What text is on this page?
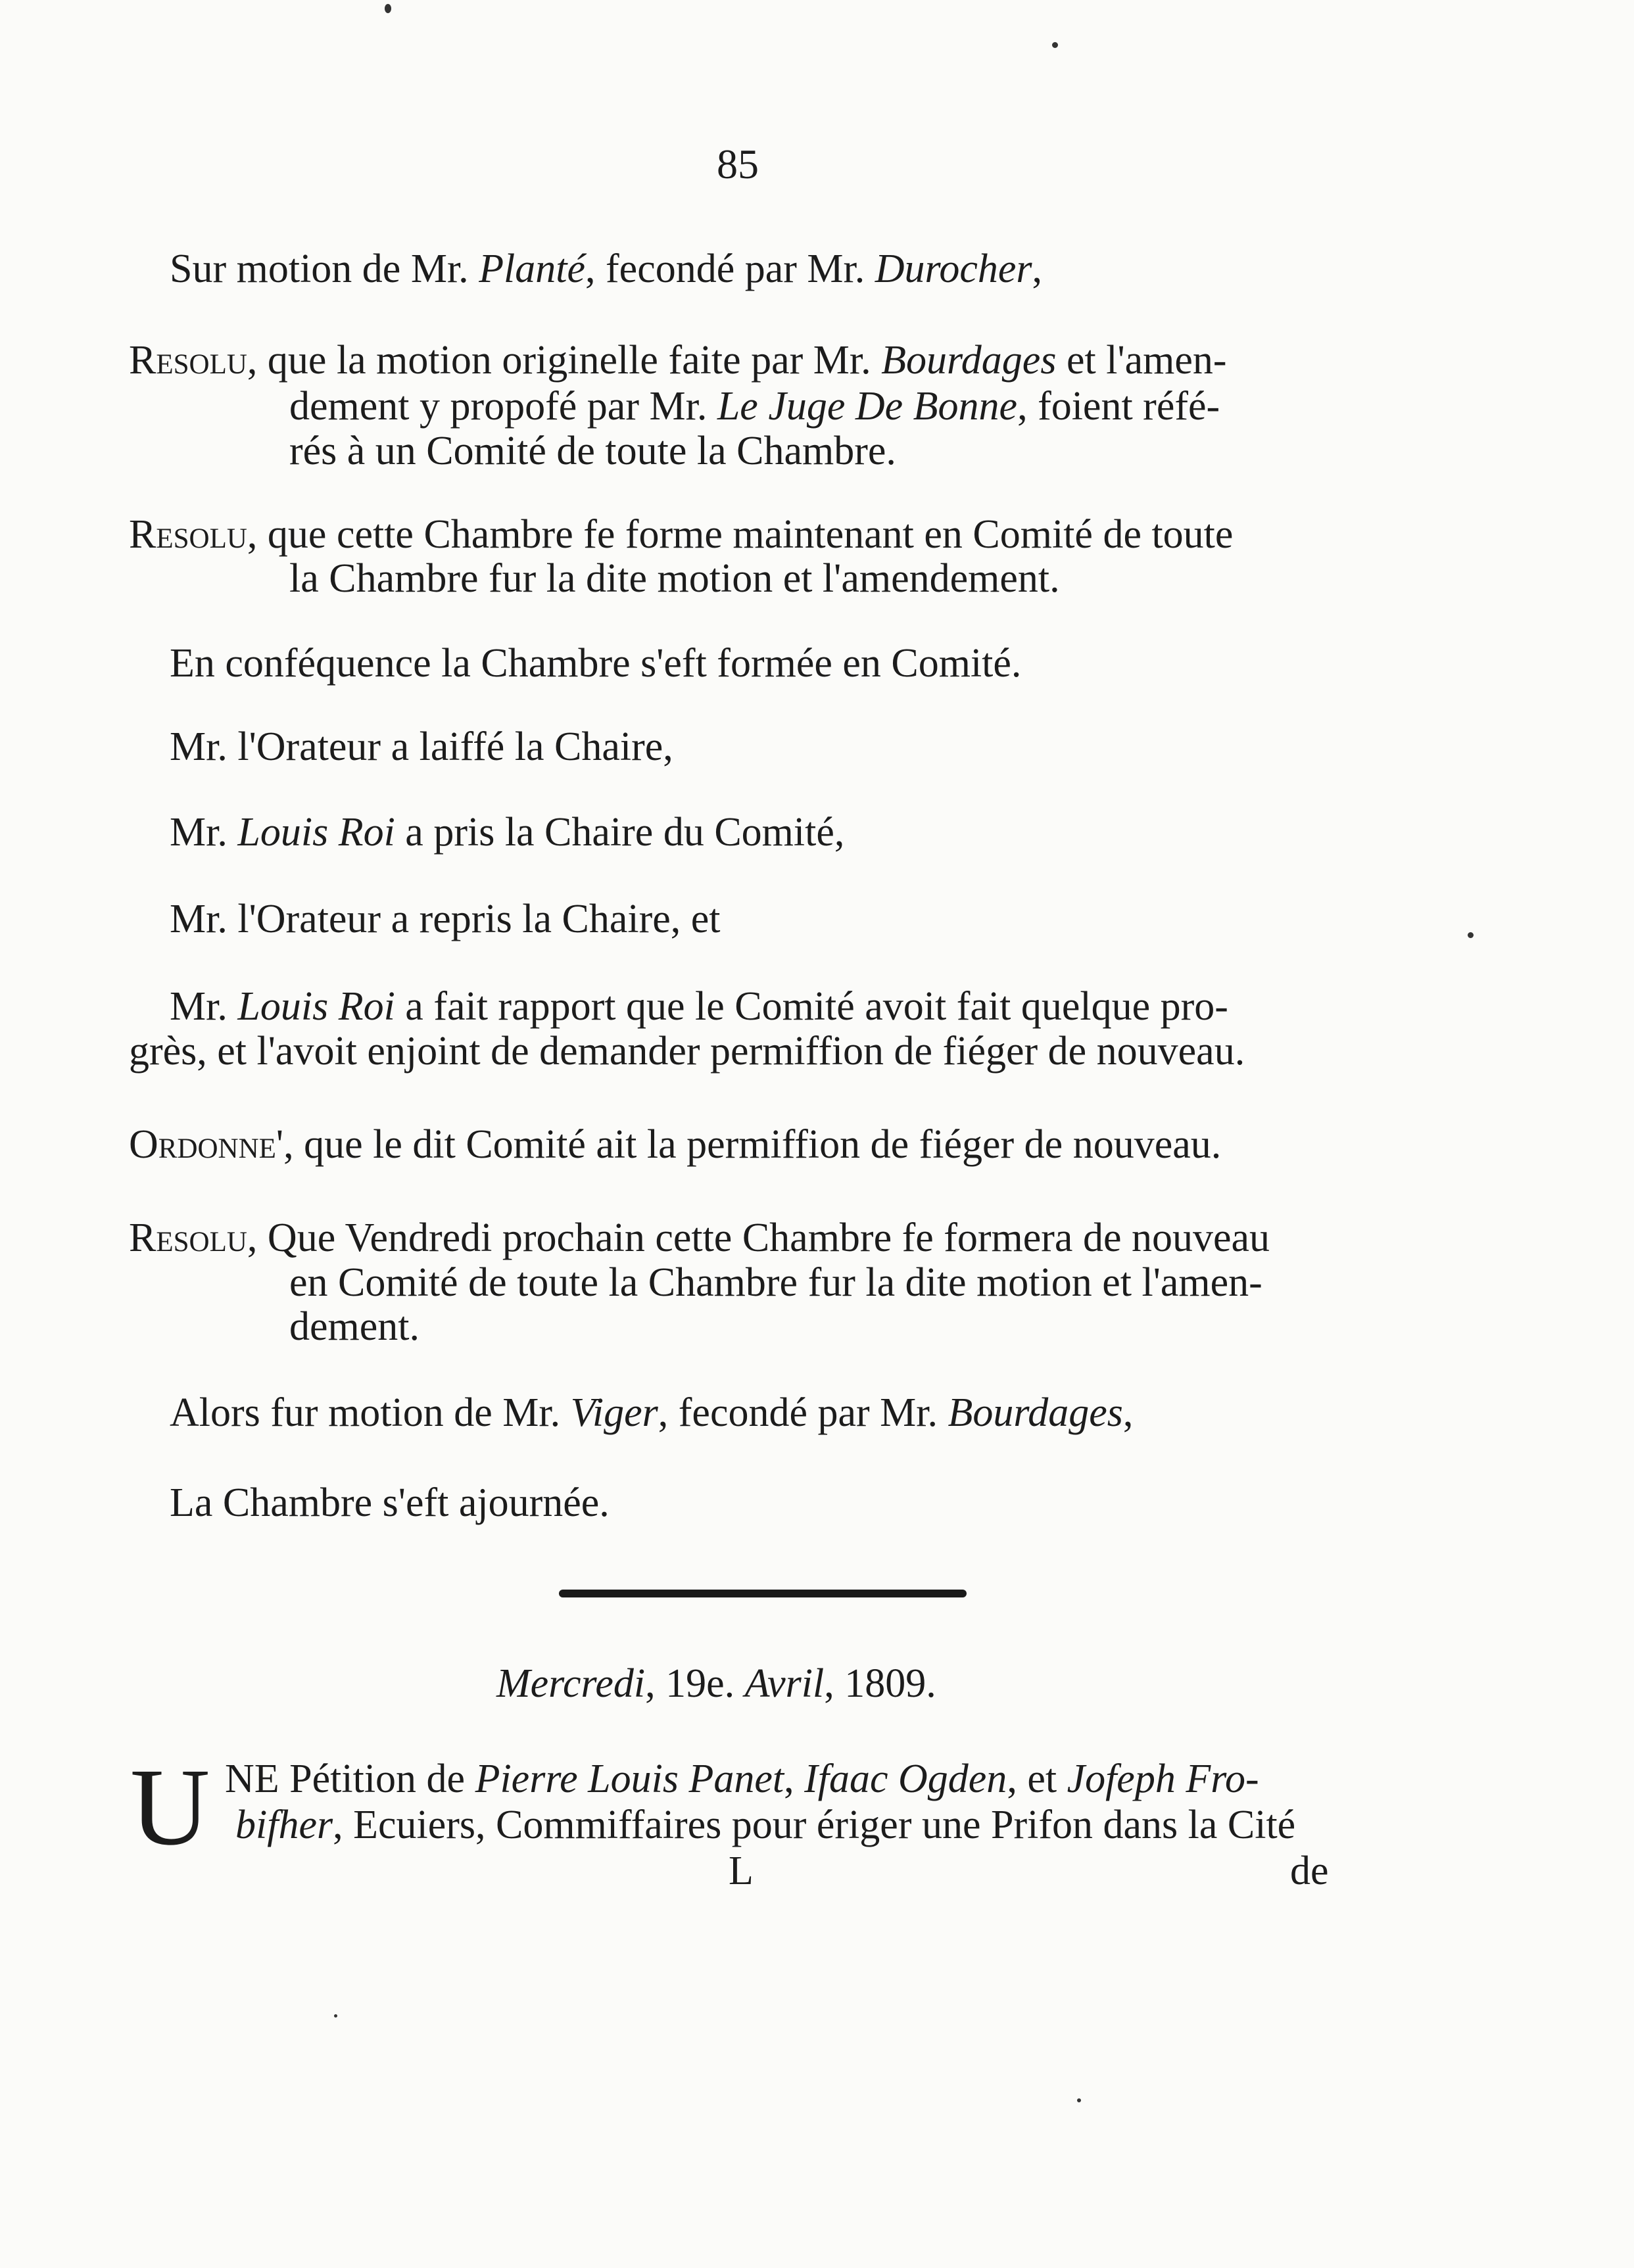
85
Sur motion de Mr. Planté, fecondé par Mr. Durocher,
Resolu, que la motion originelle faite par Mr. Bourdages et l'amen-
dement y propofé par Mr. Le Juge De Bonne, foient réfé-
rés à un Comité de toute la Chambre.
Resolu, que cette Chambre fe forme maintenant en Comité de toute
la Chambre fur la dite motion et l'amendement.
En conféquence la Chambre s'eft formée en Comité.
Mr. l'Orateur a laiffé la Chaire,
Mr. Louis Roi a pris la Chaire du Comité,
Mr. l'Orateur a repris la Chaire, et
Mr. Louis Roi a fait rapport que le Comité avoit fait quelque pro-
grès, et l'avoit enjoint de demander permiffion de fiéger de nouveau.
Ordonne', que le dit Comité ait la permiffion de fiéger de nouveau.
Resolu, Que Vendredi prochain cette Chambre fe formera de nouveau
en Comité de toute la Chambre fur la dite motion et l'amen-
dement.
Alors fur motion de Mr. Viger, fecondé par Mr. Bourdages,
La Chambre s'eft ajournée.
Mercredi, 19e. Avril, 1809.
U NE Pétition de Pierre Louis Panet, Ifaac Ogden, et Jofeph Fro-
bifher, Ecuiers, Commiffaires pour ériger une Prifon dans la Cité
L	de
